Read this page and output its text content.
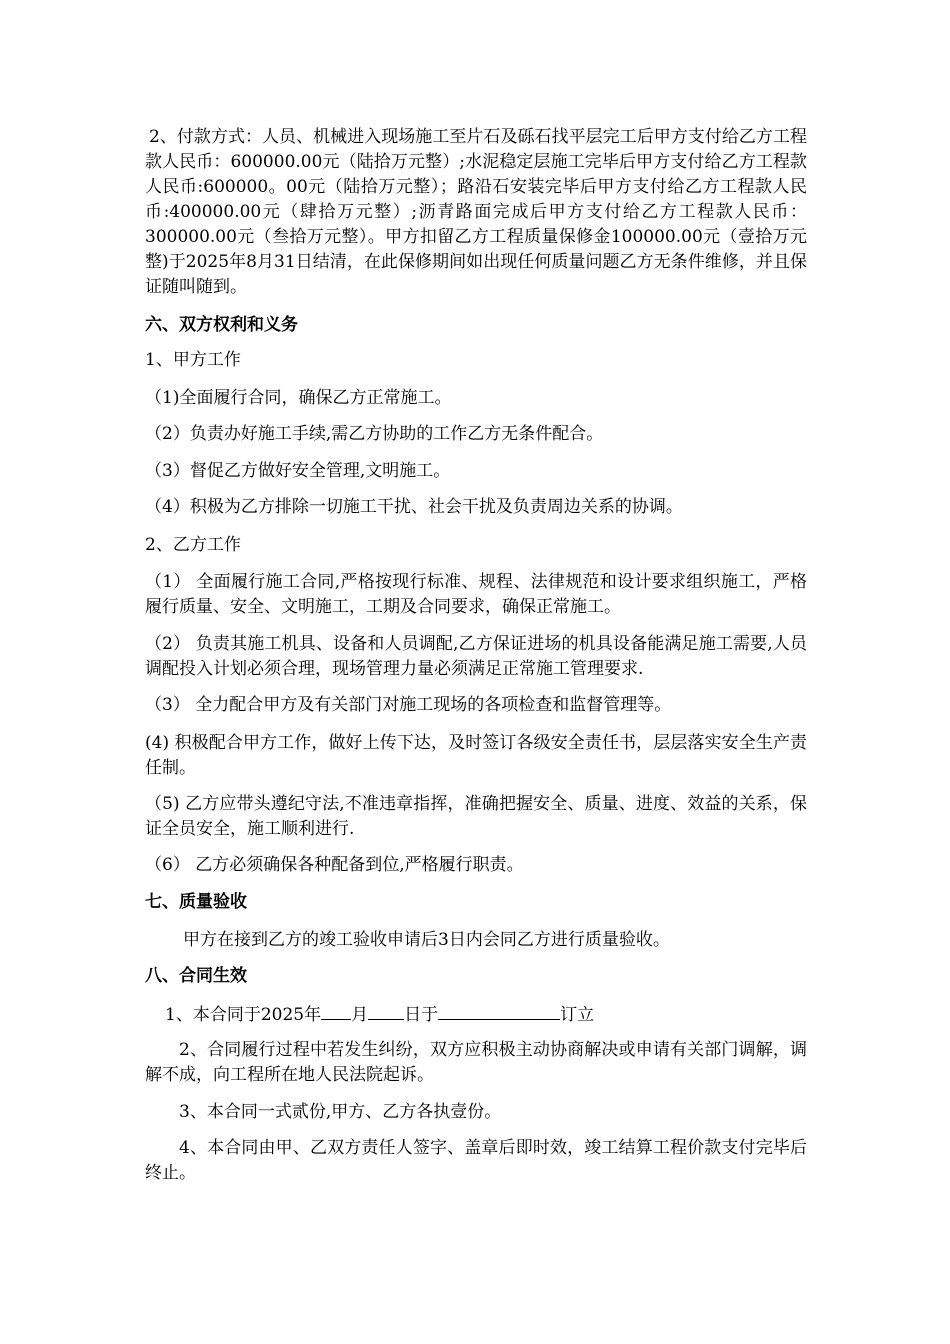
2、付款方式：人员、机械进入现场施工至片石及砾石找平层完工后甲方支付给乙方工程款人民币：600000.00元（陆拾万元整）;水泥稳定层施工完毕后甲方支付给乙方工程款人民币:600000。00元（陆拾万元整）；路沿石安装完毕后甲方支付给乙方工程款人民币:400000.00元（肆拾万元整）;沥青路面完成后甲方支付给乙方工程款人民币：300000.00元（叁拾万元整）。甲方扣留乙方工程质量保修金100000.00元（壹拾万元整)于2025年8月31日结清，在此保修期间如出现任何质量问题乙方无条件维修，并且保证随叫随到。

六、双方权利和义务
1、甲方工作
（1)全面履行合同，确保乙方正常施工。
（2）负责办好施工手续,需乙方协助的工作乙方无条件配合。
（3）督促乙方做好安全管理,文明施工。
（4）积极为乙方排除一切施工干扰、社会干扰及负责周边关系的协调。
2、乙方工作

（1） 全面履行施工合同,严格按现行标准、规程、法律规范和设计要求组织施工，严格履行质量、安全、文明施工，工期及合同要求，确保正常施工。

（2） 负责其施工机具、设备和人员调配,乙方保证进场的机具设备能满足施工需要,人员调配投入计划必须合理，现场管理力量必须满足正常施工管理要求.

（3） 全力配合甲方及有关部门对施工现场的各项检查和监督管理等。

(4) 积极配合甲方工作，做好上传下达，及时签订各级安全责任书，层层落实安全生产责任制。

（5) 乙方应带头遵纪守法,不准违章指挥，准确把握安全、质量、进度、效益的关系，保证全员安全，施工顺利进行.

（6） 乙方必须确保各种配备到位,严格履行职责。
七、质量验收
甲方在接到乙方的竣工验收申请后3日内会同乙方进行质量验收。
八、合同生效
1、本合同于2025年 月 日于	订立

2、合同履行过程中若发生纠纷，双方应积极主动协商解决或申请有关部门调解，调解不成，向工程所在地人民法院起诉。

3、本合同一式贰份,甲方、乙方各执壹份。

4、本合同由甲、乙双方责任人签字、盖章后即时效，竣工结算工程价款支付完毕后终止。
